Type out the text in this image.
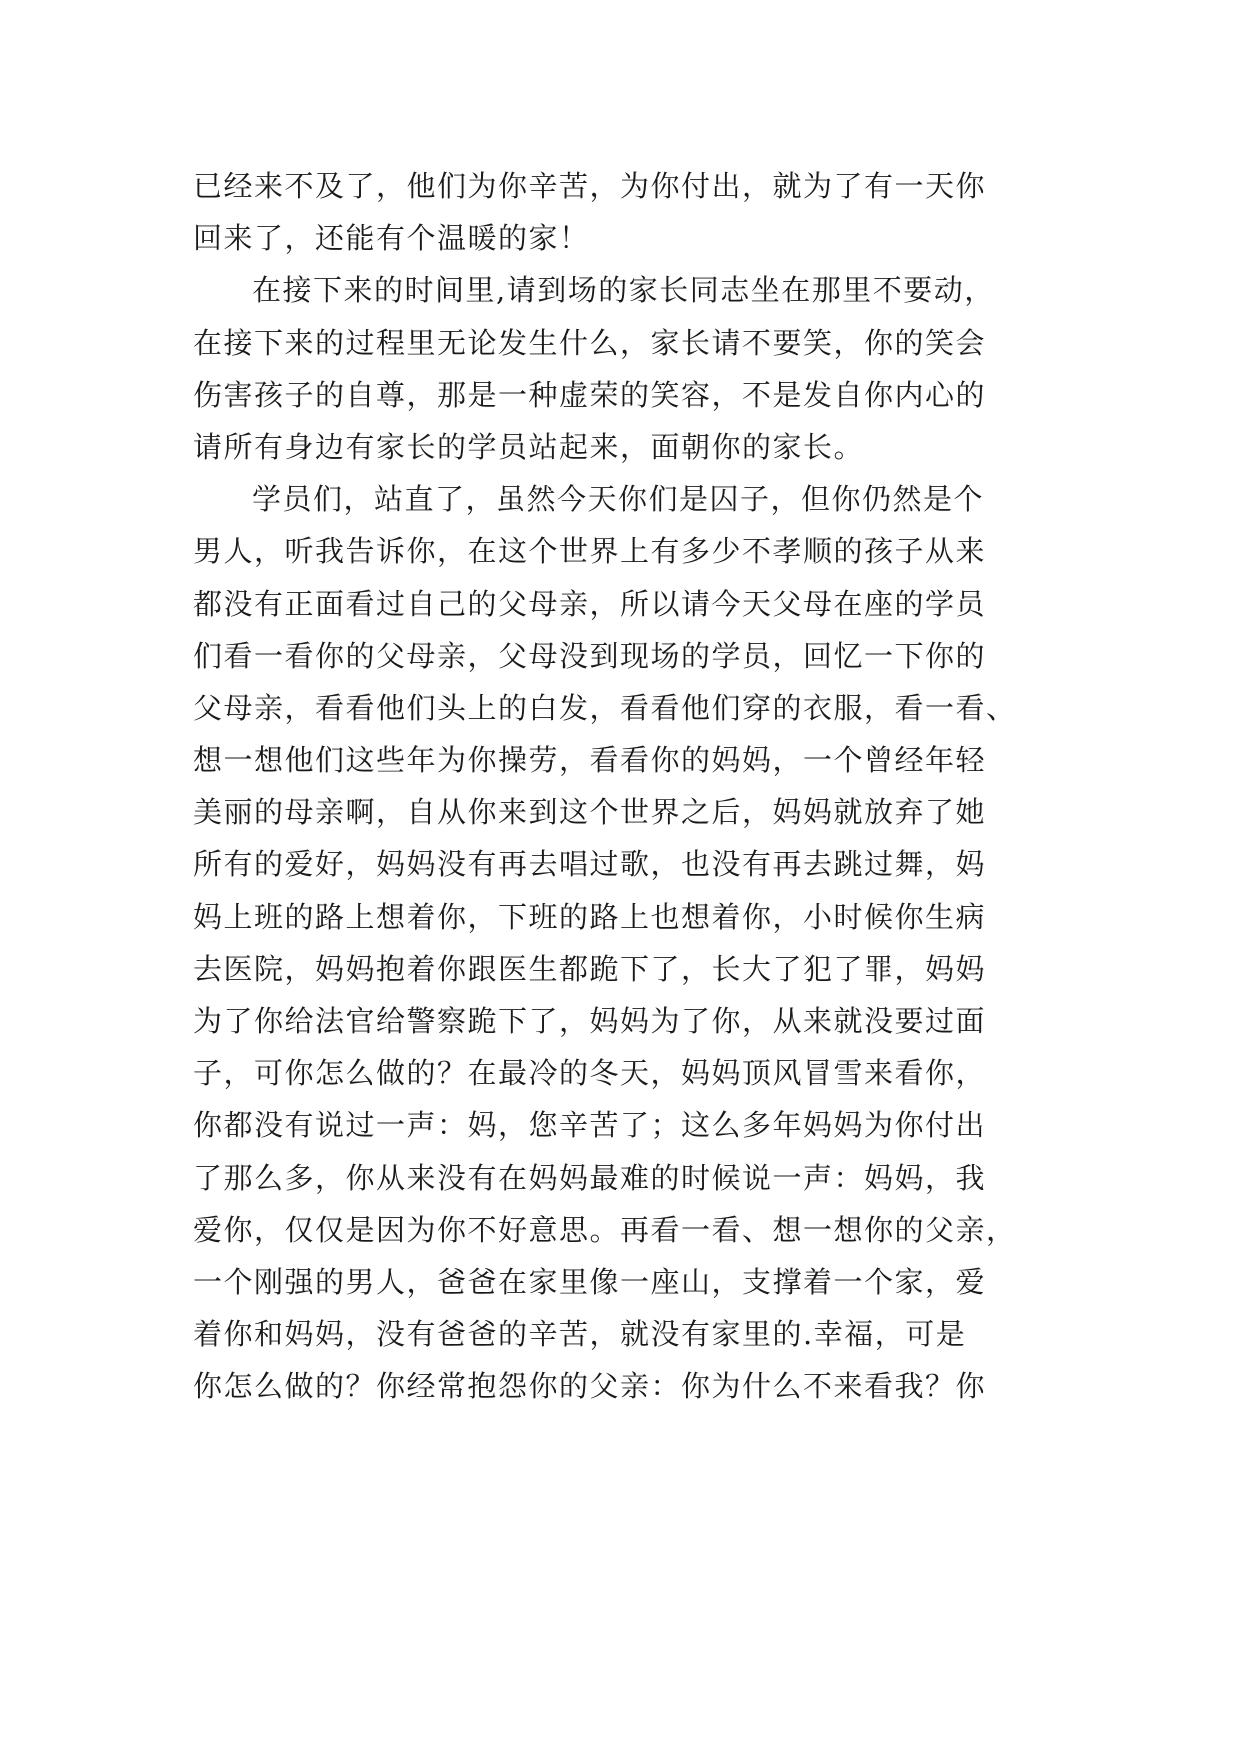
已经来不及了，他们为你辛苦，为你付出，就为了有一天你
回来了，还能有个温暖的家！
在接下来的时间里,请到场的家长同志坐在那里不要动，
在接下来的过程里无论发生什么，家长请不要笑，你的笑会
伤害孩子的自尊，那是一种虚荣的笑容，不是发自你内心的
请所有身边有家长的学员站起来，面朝你的家长。
学员们，站直了，虽然今天你们是囚子，但你仍然是个
男人，听我告诉你，在这个世界上有多少不孝顺的孩子从来
都没有正面看过自己的父母亲，所以请今天父母在座的学员
们看一看你的父母亲，父母没到现场的学员，回忆一下你的
父母亲，看看他们头上的白发，看看他们穿的衣服，看一看、
想一想他们这些年为你操劳，看看你的妈妈，一个曾经年轻
美丽的母亲啊，自从你来到这个世界之后，妈妈就放弃了她
所有的爱好，妈妈没有再去唱过歌，也没有再去跳过舞，妈
妈上班的路上想着你，下班的路上也想着你，小时候你生病
去医院，妈妈抱着你跟医生都跪下了，长大了犯了罪，妈妈
为了你给法官给警察跪下了，妈妈为了你，从来就没要过面
子，可你怎么做的？在最冷的冬天，妈妈顶风冒雪来看你，
你都没有说过一声：妈，您辛苦了；这么多年妈妈为你付出
了那么多，你从来没有在妈妈最难的时候说一声：妈妈，我
爱你，仅仅是因为你不好意思。再看一看、想一想你的父亲，
一个刚强的男人，爸爸在家里像一座山，支撑着一个家，爱
着你和妈妈，没有爸爸的辛苦，就没有家里的.幸福，可是
你怎么做的？你经常抱怨你的父亲：你为什么不来看我？你
